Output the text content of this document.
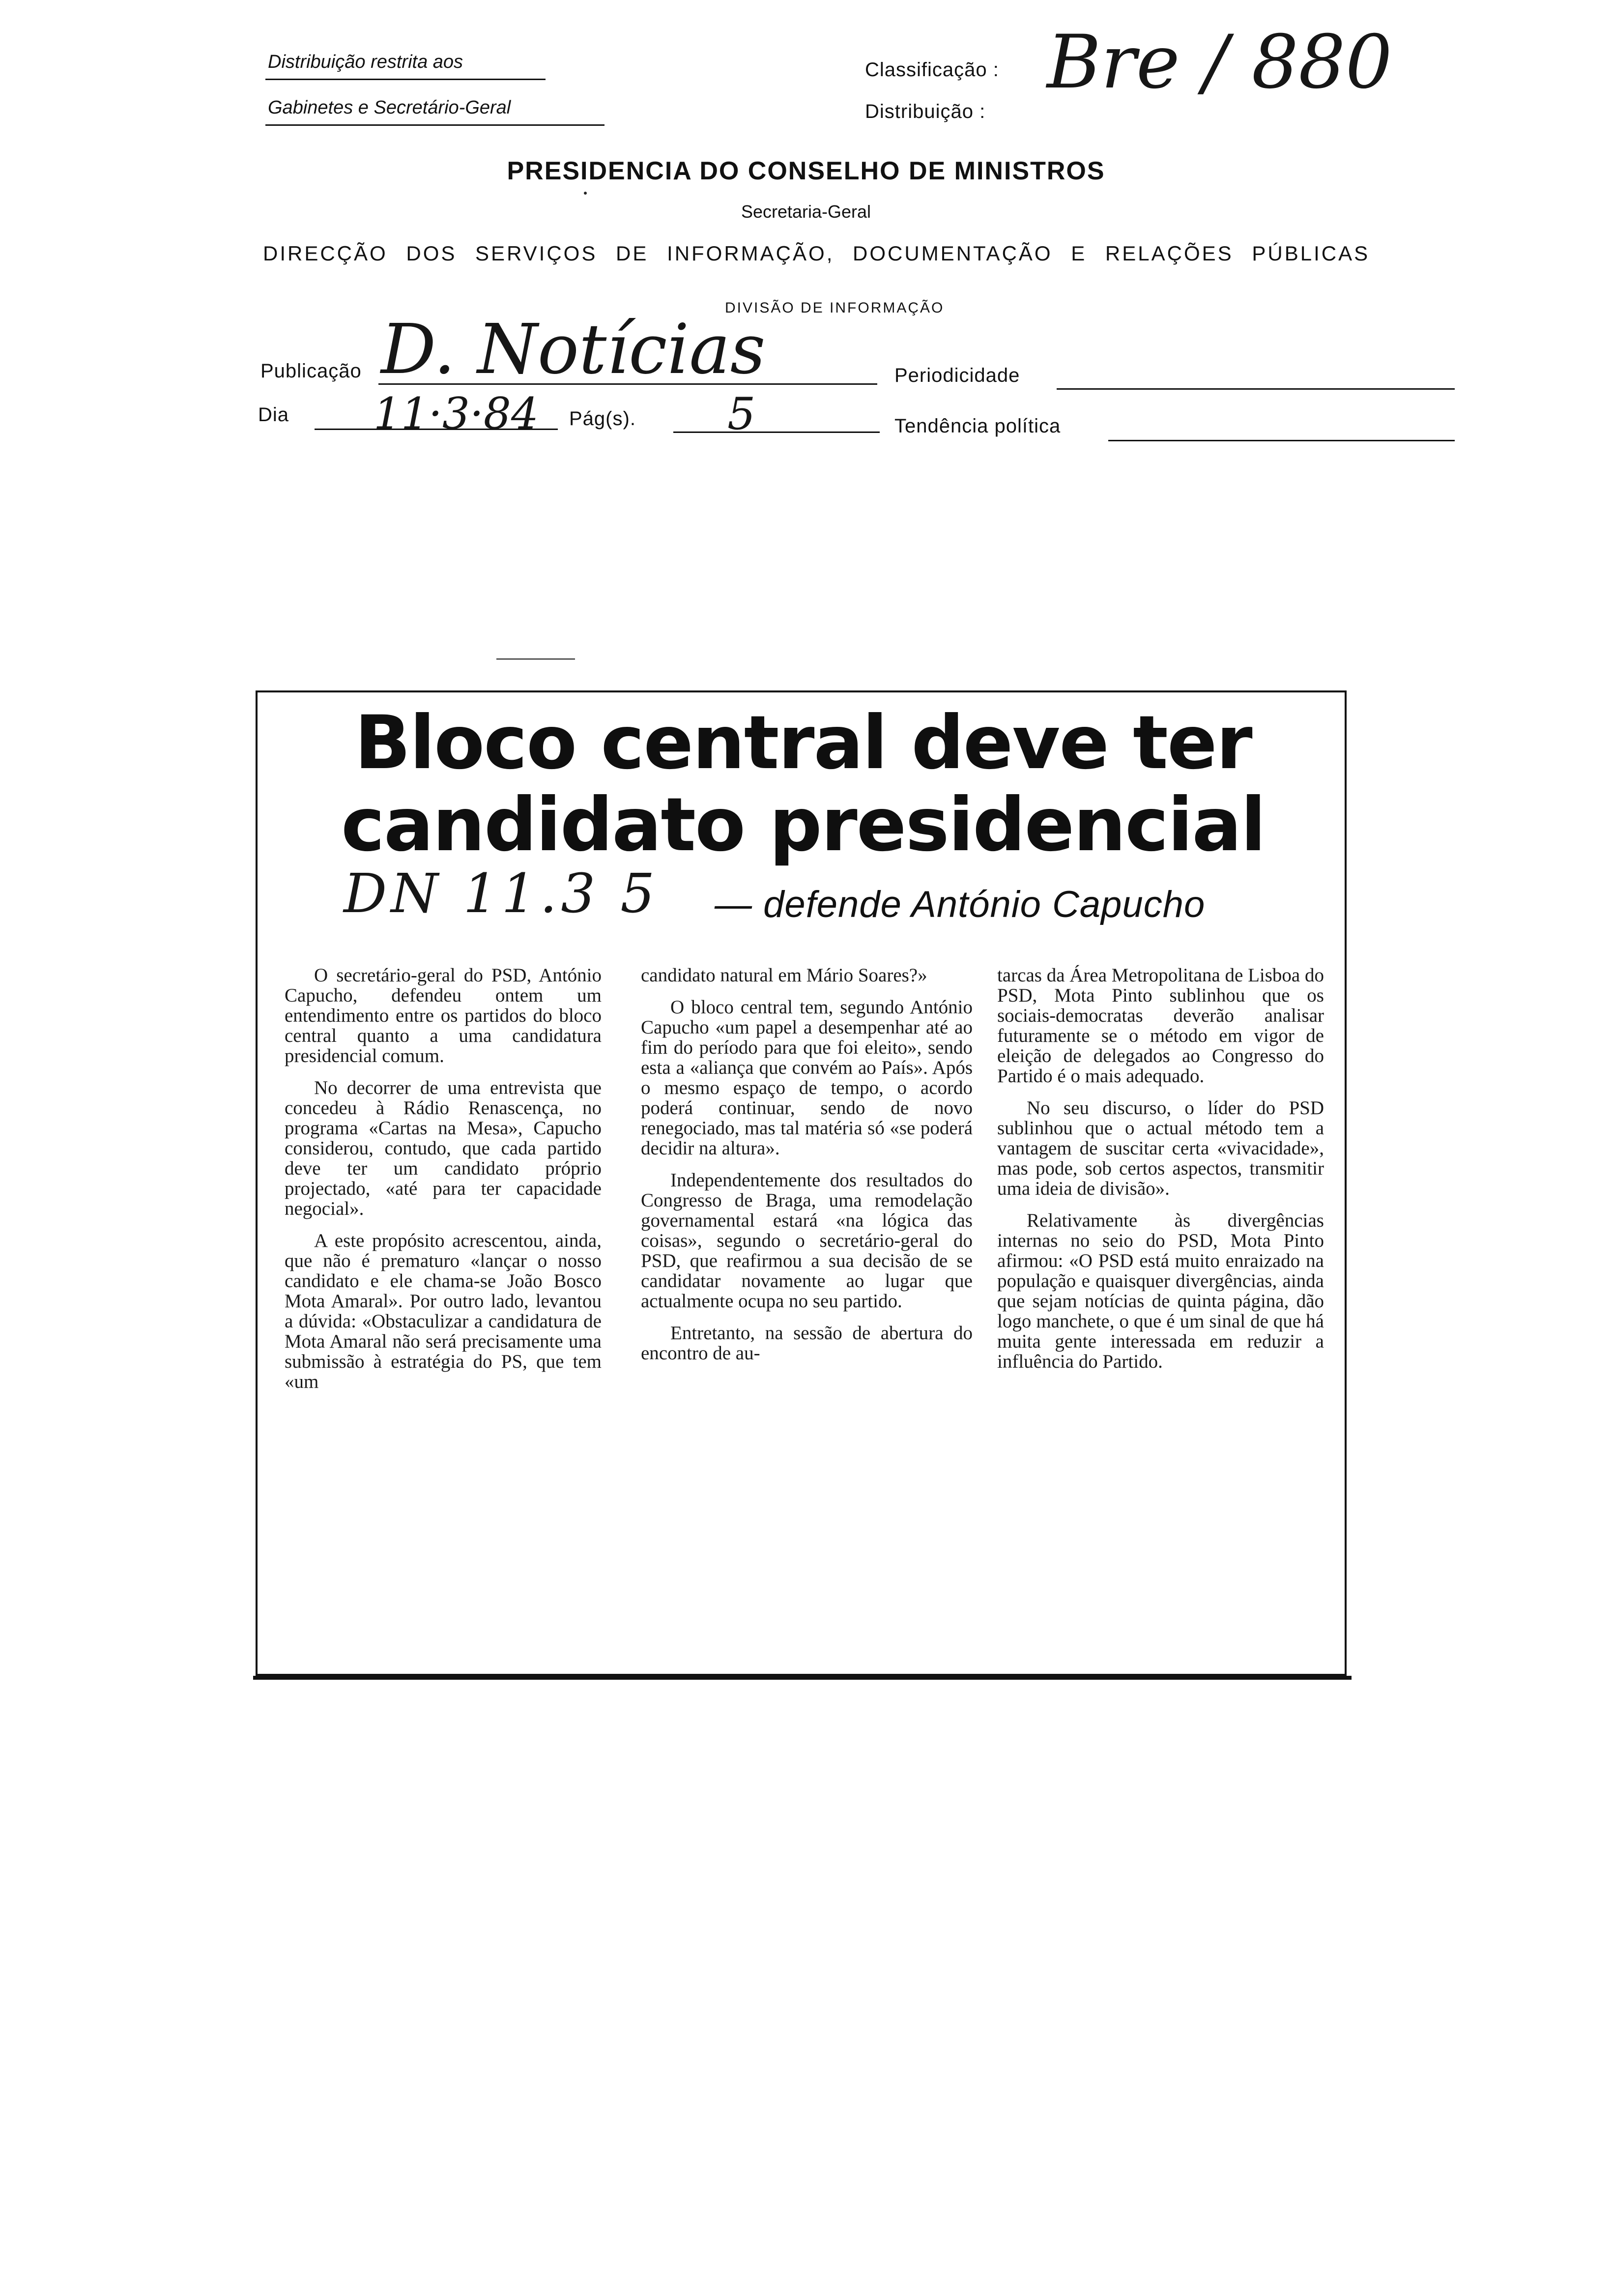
Distribuição restrita aos
Gabinetes e Secretário-Geral
Classificação :
Distribuição :
Bre / 880
PRESIDENCIA DO CONSELHO DE MINISTROS
Secretaria-Geral
DIRECÇÃO DOS SERVIÇOS DE INFORMAÇÃO, DOCUMENTAÇÃO E RELAÇÕES PÚBLICAS
DIVISÃO DE INFORMAÇÃO
Publicação D. Notícias	Periodicidade
Dia 11·3·84 Pág(s). 5	Tendência política
Bloco central deve ter
candidato presidencial
DN 11.3 5 — defende António Capucho

O secretário-geral do PSD, António Capucho, defendeu ontem um entendimento entre os partidos do bloco central quanto a uma candidatura presidencial comum.

No decorrer de uma entrevista que concedeu à Rádio Renascença, no programa «Cartas na Mesa», Capucho considerou, contudo, que cada partido deve ter um candidato próprio projectado, «até para ter capacidade negocial».

A este propósito acrescentou, ainda, que não é prematuro «lançar o nosso candidato e ele chama-se João Bosco Mota Amaral». Por outro lado, levantou a dúvida: «Obstaculizar a candidatura de Mota Amaral não será precisamente uma submissão à estratégia do PS, que tem «um

candidato natural em Mário Soares?»

O bloco central tem, segundo António Capucho «um papel a desempenhar até ao fim do período para que foi eleito», sendo esta a «aliança que convém ao País». Após o mesmo espaço de tempo, o acordo poderá continuar, sendo de novo renegociado, mas tal matéria só «se poderá decidir na altura».

Independentemente dos resultados do Congresso de Braga, uma remodelação governamental estará «na lógica das coisas», segundo o secretário-geral do PSD, que reafirmou a sua decisão de se candidatar novamente ao lugar que actualmente ocupa no seu partido.

Entretanto, na sessão de abertura do encontro de au-

tarcas da Área Metropolitana de Lisboa do PSD, Mota Pinto sublinhou que os sociais-democratas deverão analisar futuramente se o método em vigor de eleição de delegados ao Congresso do Partido é o mais adequado.

No seu discurso, o líder do PSD sublinhou que o actual método tem a vantagem de suscitar certa «vivacidade», mas pode, sob certos aspectos, transmitir uma ideia de divisão».

Relativamente às divergências internas no seio do PSD, Mota Pinto afirmou: «O PSD está muito enraizado na população e quaisquer divergências, ainda que sejam notícias de quinta página, dão logo manchete, o que é um sinal de que há muita gente interessada em reduzir a influência do Partido.
